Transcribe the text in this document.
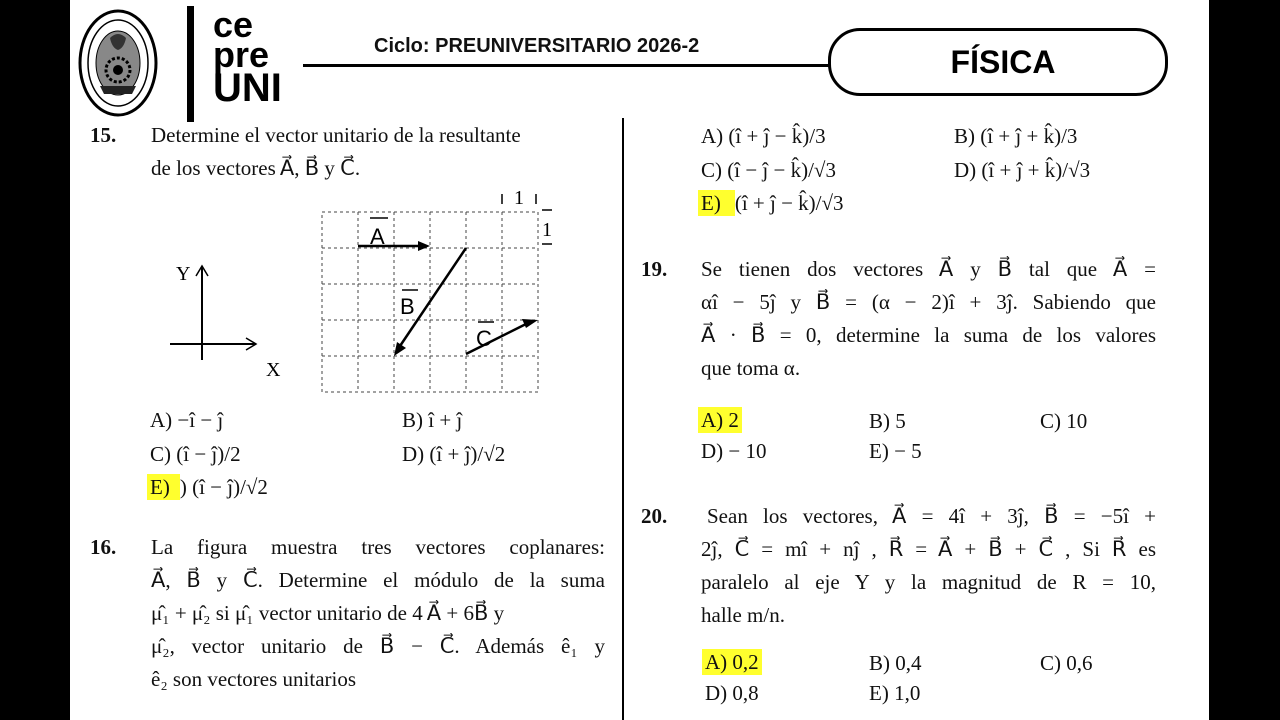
ce
pre
UNI
Ciclo: PREUNIVERSITARIO 2026-2	FÍSICA
15. Determine el vector unitario de la resultante
de los vectores A⃗, B⃗ y C⃗.
1
1
A
B
C
Y
X
A) −î − ĵ	B) î + ĵ
C) (î − ĵ)/2	D) (î + ĵ)/√2
E) ) (î − ĵ)/√2
16. La figura muestra tres vectores coplanares:
A⃗, B⃗ y C⃗. Determine el módulo de la suma
μ̂₁ + μ̂₂ si μ̂₁ vector unitario de 4 A⃗ + 6B⃗ y
μ̂₂, vector unitario de B⃗ − C⃗. Además ê₁ y
ê₂ son vectores unitarios
A) (î + ĵ − k̂)/3	B) (î + ĵ + k̂)/3
C) (î − ĵ − k̂)/√3	D) (î + ĵ + k̂)/√3
E) (î + ĵ − k̂)/√3
19. Se tienen dos vectores A⃗ y B⃗ tal que A⃗ =
αî − 5ĵ y B⃗ = (α − 2)î + 3ĵ. Sabiendo que
A⃗ · B⃗ = 0, determine la suma de los valores
que toma α.
A) 2	B) 5	C) 10
D) − 10	E) − 5
20. Sean los vectores, A⃗ = 4î + 3ĵ, B⃗ = −5î +
2ĵ, C⃗ = mî + nĵ , R⃗ = A⃗ + B⃗ + C⃗ , Si R⃗ es
paralelo al eje Y y la magnitud de R = 10,
halle m/n.
A) 0,2	B) 0,4	C) 0,6
D) 0,8	E) 1,0
